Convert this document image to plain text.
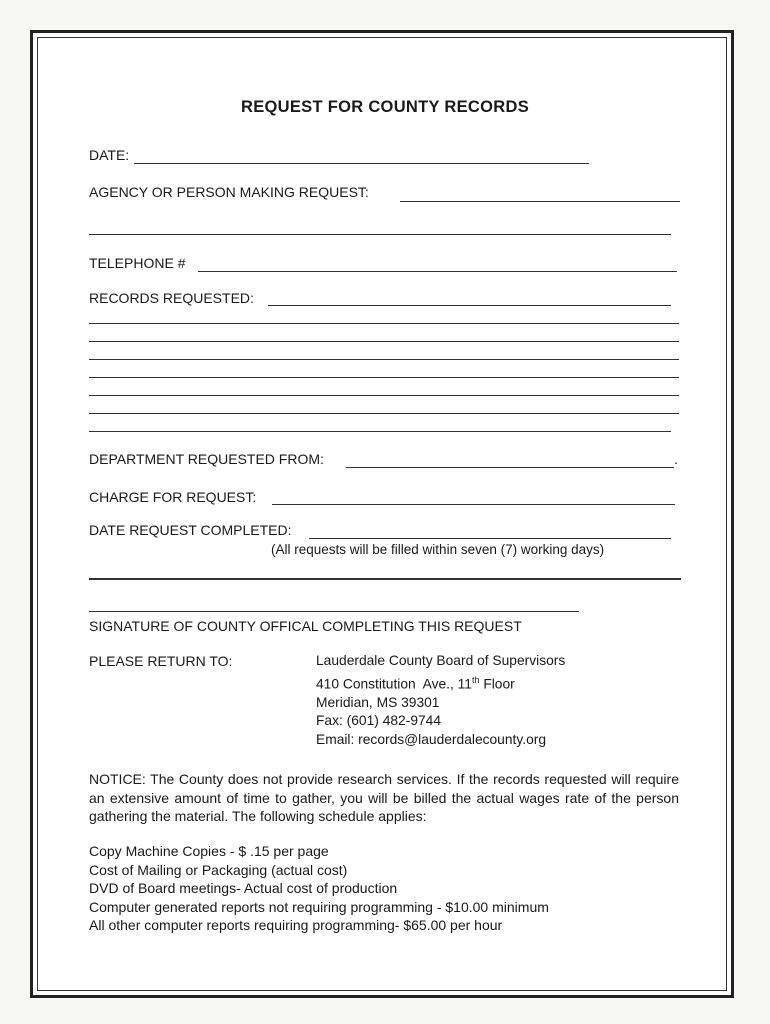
REQUEST FOR COUNTY RECORDS
DATE:
AGENCY OR PERSON MAKING REQUEST:
TELEPHONE #
RECORDS REQUESTED:
DEPARTMENT REQUESTED FROM:	.
CHARGE FOR REQUEST:
DATE REQUEST COMPLETED:
(All requests will be filled within seven (7) working days)
SIGNATURE OF COUNTY OFFICAL COMPLETING THIS REQUEST
PLEASE RETURN TO:	Lauderdale County Board of Supervisors
410 Constitution  Ave., 11th Floor
Meridian, MS 39301
Fax: (601) 482-9744
Email: records@lauderdalecounty.org
NOTICE: The County does not provide research services. If the records requested will require an extensive amount of time to gather, you will be billed the actual wages rate of the person gathering the material. The following schedule applies:
Copy Machine Copies - $ .15 per page
Cost of Mailing or Packaging (actual cost)
DVD of Board meetings- Actual cost of production
Computer generated reports not requiring programming - $10.00 minimum
All other computer reports requiring programming- $65.00 per hour
